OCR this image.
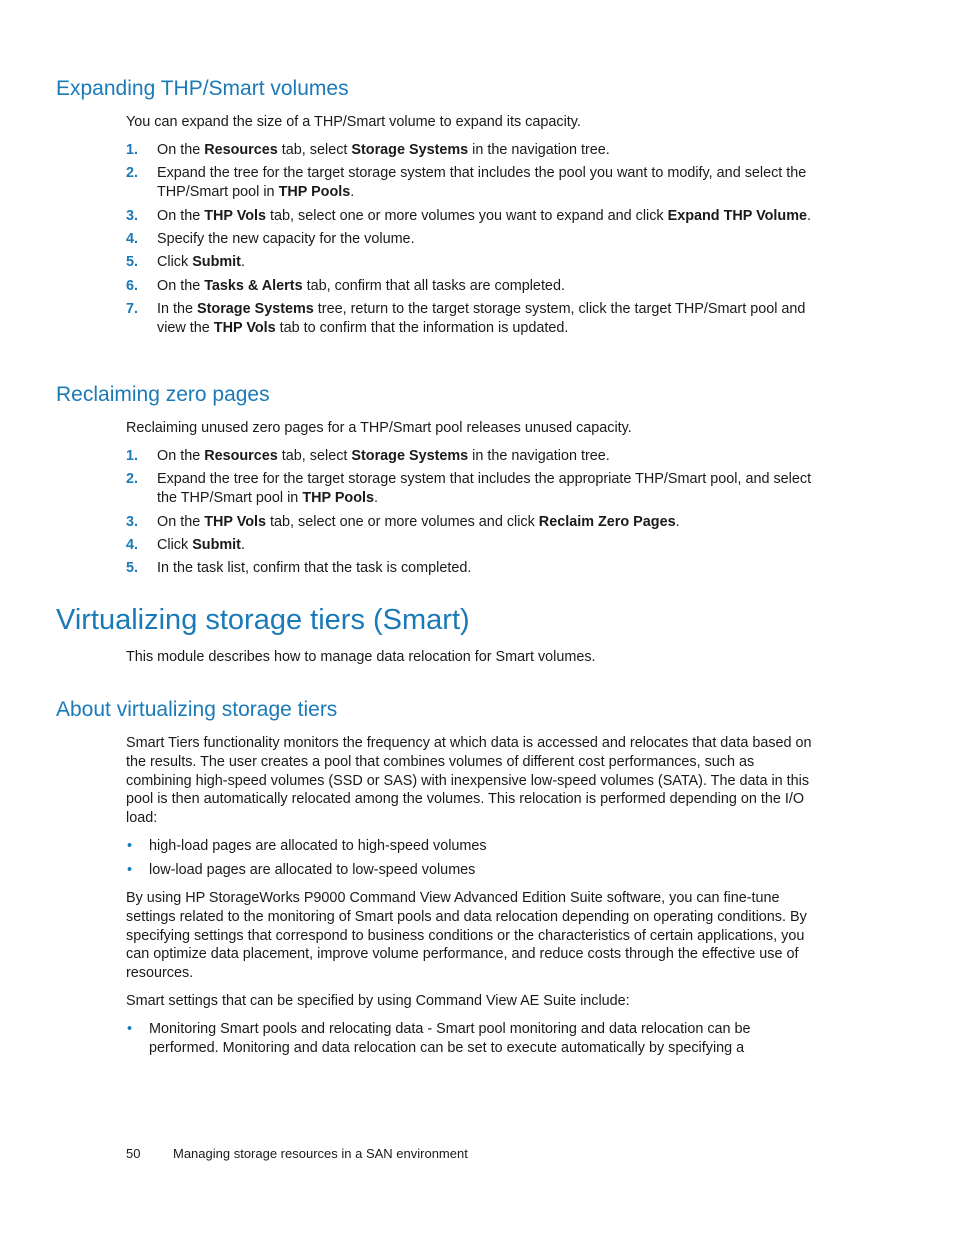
Expanding THP/Smart volumes

You can expand the size of a THP/Smart volume to expand its capacity.

1. On the Resources tab, select Storage Systems in the navigation tree.
2. Expand the tree for the target storage system that includes the pool you want to modify, and select the THP/Smart pool in THP Pools.
3. On the THP Vols tab, select one or more volumes you want to expand and click Expand THP Volume.
4. Specify the new capacity for the volume.
5. Click Submit.
6. On the Tasks & Alerts tab, confirm that all tasks are completed.
7. In the Storage Systems tree, return to the target storage system, click the target THP/Smart pool and view the THP Vols tab to confirm that the information is updated.
Reclaiming zero pages

Reclaiming unused zero pages for a THP/Smart pool releases unused capacity.

1. On the Resources tab, select Storage Systems in the navigation tree.
2. Expand the tree for the target storage system that includes the appropriate THP/Smart pool, and select the THP/Smart pool in THP Pools.
3. On the THP Vols tab, select one or more volumes and click Reclaim Zero Pages.
4. Click Submit.
5. In the task list, confirm that the task is completed.
Virtualizing storage tiers (Smart)

This module describes how to manage data relocation for Smart volumes.

About virtualizing storage tiers

Smart Tiers functionality monitors the frequency at which data is accessed and relocates that data based on the results. The user creates a pool that combines volumes of different cost performances, such as combining high-speed volumes (SSD or SAS) with inexpensive low-speed volumes (SATA). The data in this pool is then automatically relocated among the volumes. This relocation is performed depending on the I/O load:

• high-load pages are allocated to high-speed volumes
• low-load pages are allocated to low-speed volumes

By using HP StorageWorks P9000 Command View Advanced Edition Suite software, you can fine-tune settings related to the monitoring of Smart pools and data relocation depending on operating conditions. By specifying settings that correspond to business conditions or the characteristics of certain applications, you can optimize data placement, improve volume performance, and reduce costs through the effective use of resources.

Smart settings that can be specified by using Command View AE Suite include:

• Monitoring Smart pools and relocating data - Smart pool monitoring and data relocation can be performed. Monitoring and data relocation can be set to execute automatically by specifying a
50	Managing storage resources in a SAN environment
